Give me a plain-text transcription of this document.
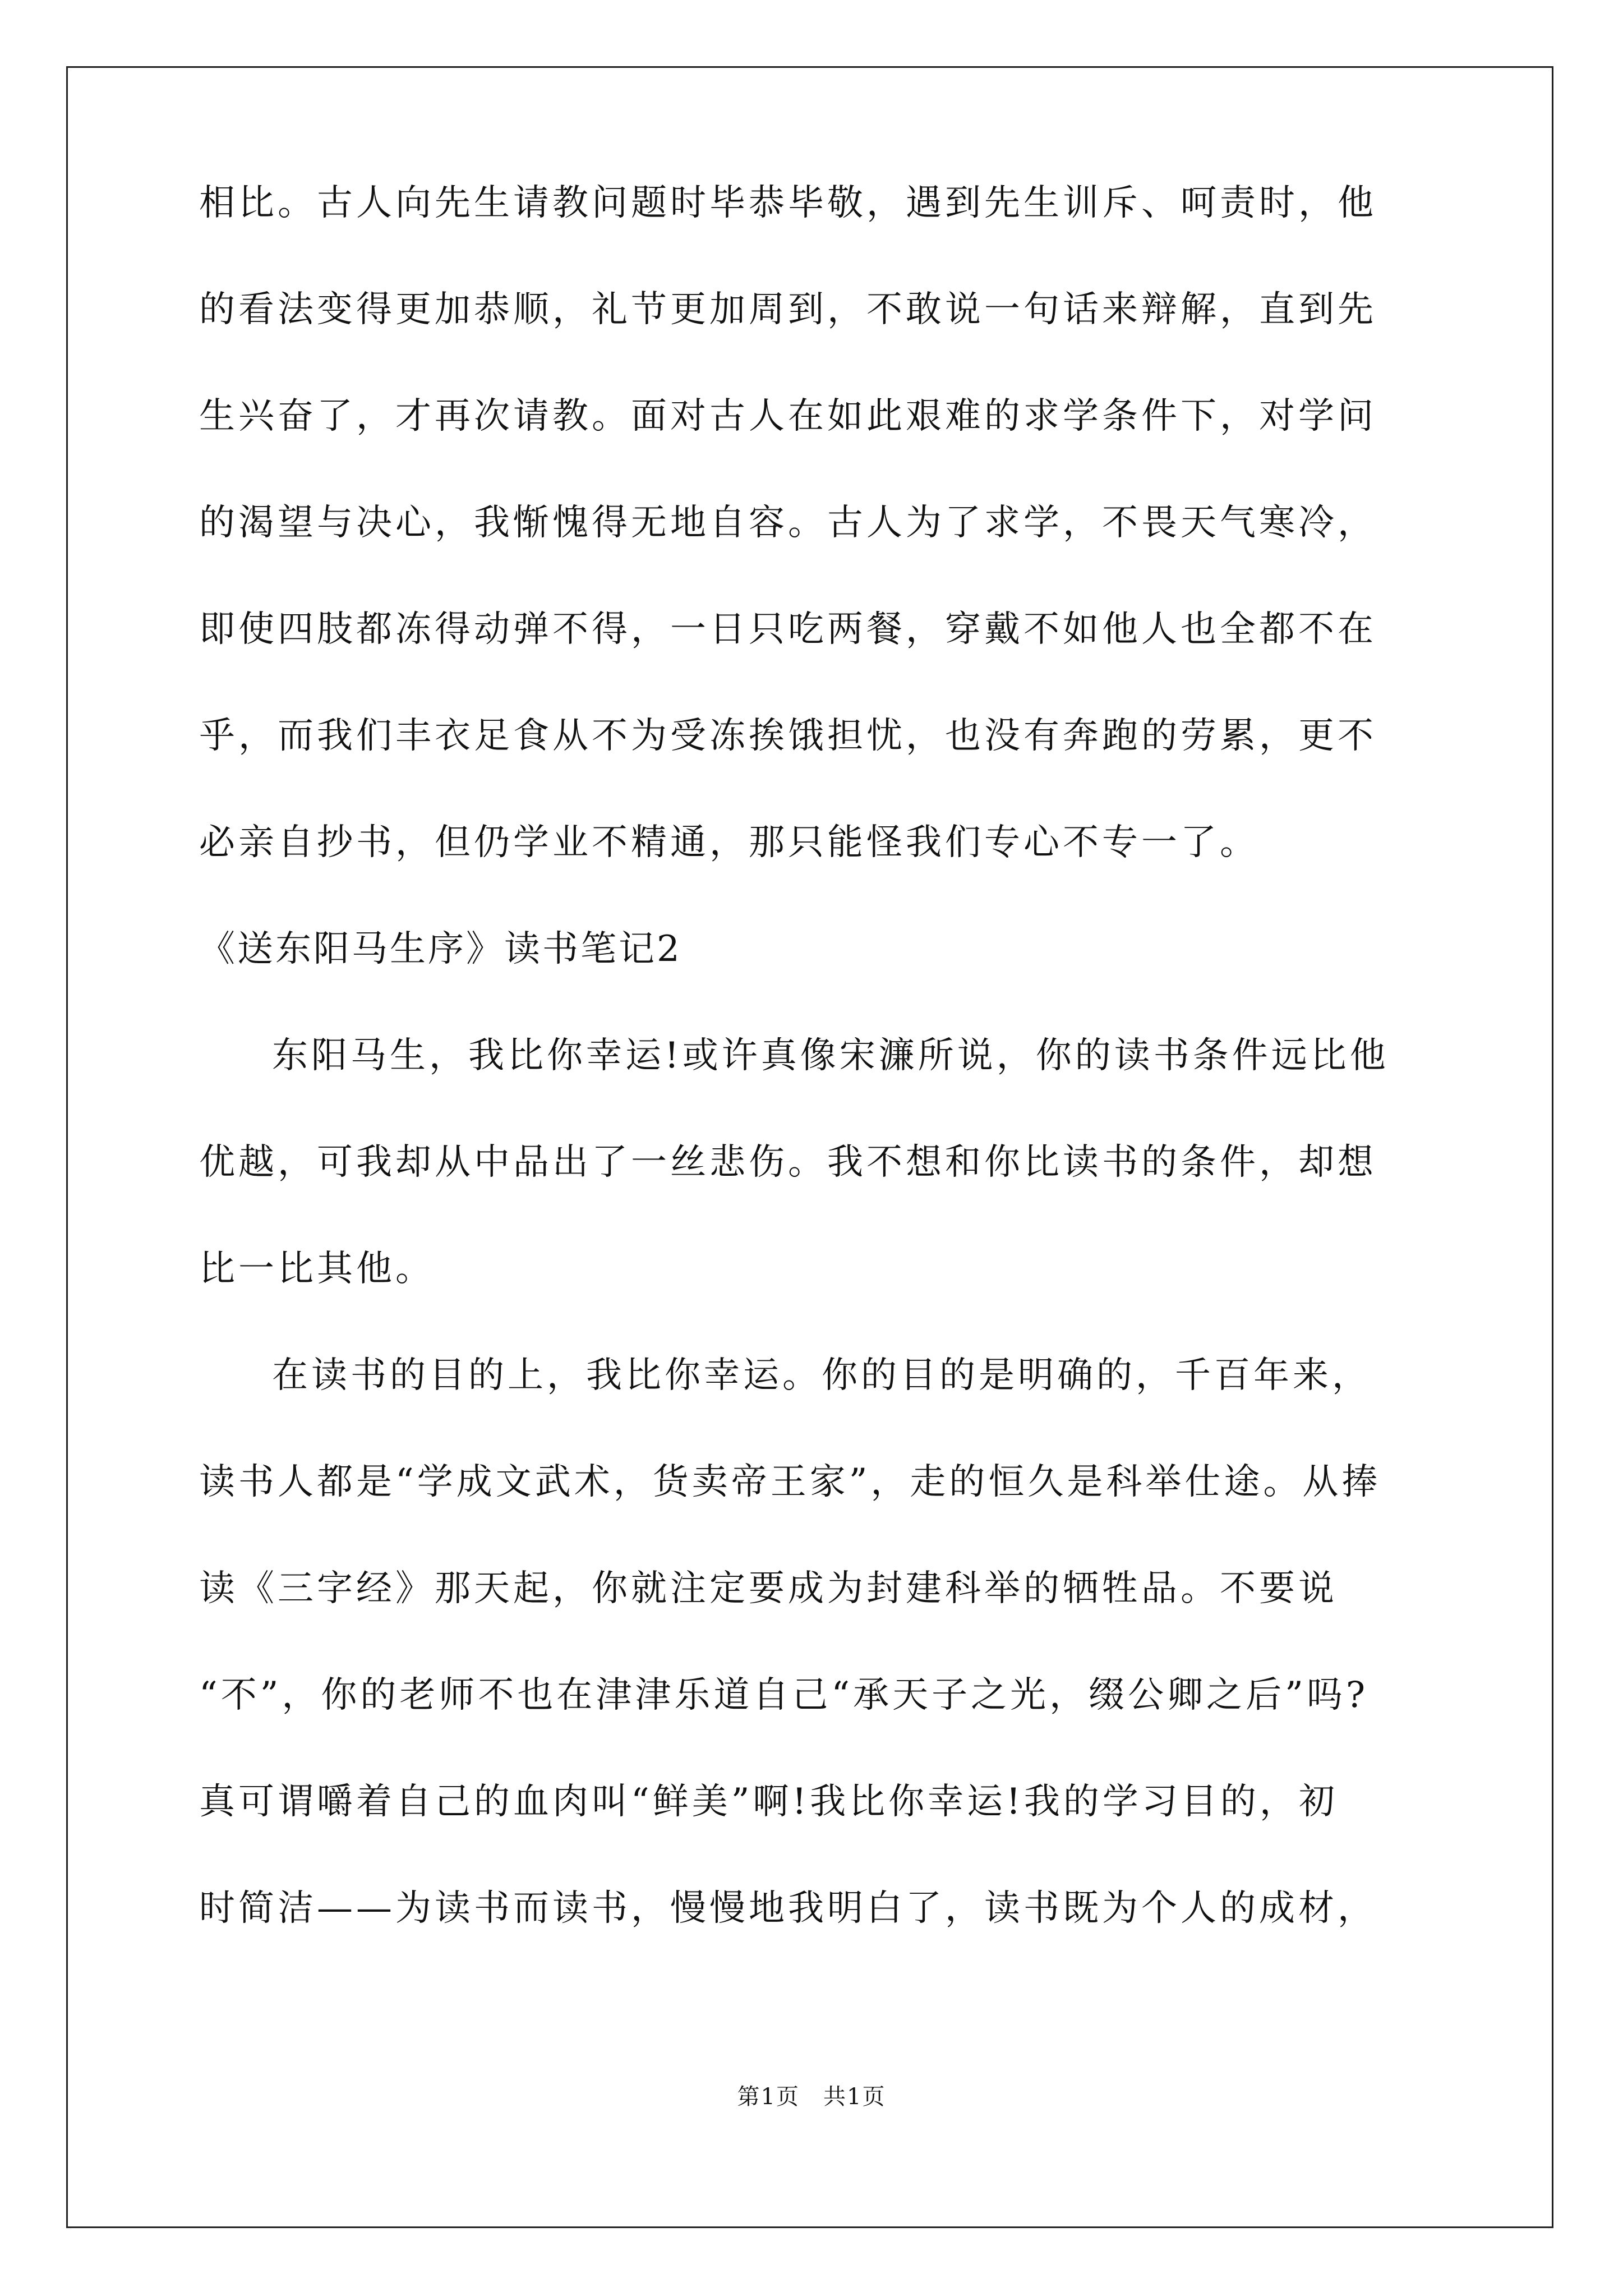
相比。古人向先生请教问题时毕恭毕敬，遇到先生训斥、呵责时，他
的看法变得更加恭顺，礼节更加周到，不敢说一句话来辩解，直到先
生兴奋了，才再次请教。面对古人在如此艰难的求学条件下，对学问
的渴望与决心，我惭愧得无地自容。古人为了求学，不畏天气寒冷，
即使四肢都冻得动弹不得，一日只吃两餐，穿戴不如他人也全都不在
乎，而我们丰衣足食从不为受冻挨饿担忧，也没有奔跑的劳累，更不
必亲自抄书，但仍学业不精通，那只能怪我们专心不专一了。
《送东阳马生序》读书笔记2
东阳马生，我比你幸运!或许真像宋濂所说，你的读书条件远比他
优越，可我却从中品出了一丝悲伤。我不想和你比读书的条件，却想
比一比其他。
在读书的目的上，我比你幸运。你的目的是明确的，千百年来，
读书人都是“学成文武术，货卖帝王家”，走的恒久是科举仕途。从捧
读《三字经》那天起，你就注定要成为封建科举的牺牲品。不要说
“不”，你的老师不也在津津乐道自己“承天子之光，缀公卿之后”吗?
真可谓嚼着自己的血肉叫“鲜美”啊!我比你幸运!我的学习目的，初
时简洁——为读书而读书，慢慢地我明白了，读书既为个人的成材，
第1页　共1页
